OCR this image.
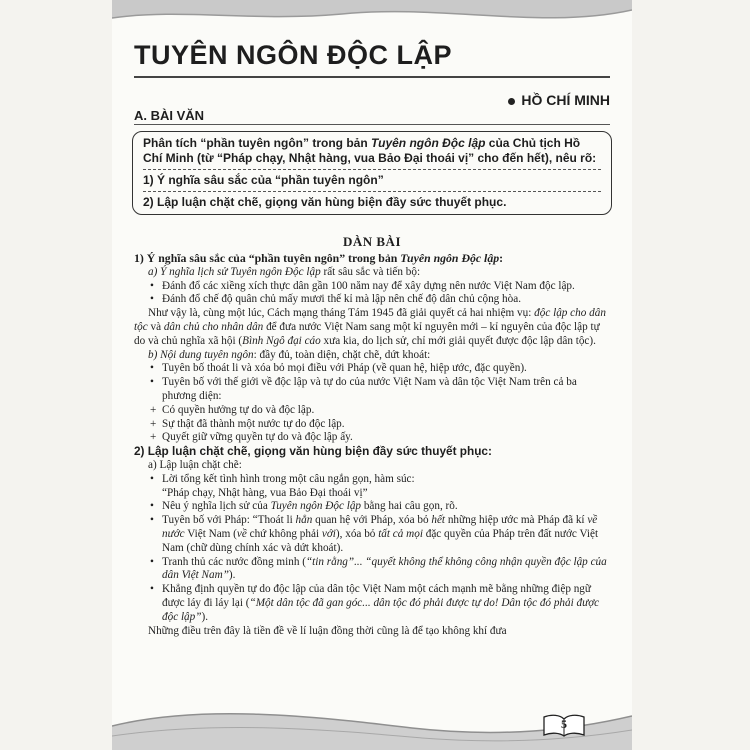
TUYÊN NGÔN ĐỘC LẬP
HỒ CHÍ MINH
A. BÀI VĂN

Phân tích “phần tuyên ngôn” trong bản Tuyên ngôn Độc lập của Chủ tịch Hồ Chí Minh (từ “Pháp chạy, Nhật hàng, vua Bảo Đại thoái vị” cho đến hết), nêu rõ:

1) Ý nghĩa sâu sắc của “phần tuyên ngôn”

2) Lập luận chặt chẽ, giọng văn hùng biện đầy sức thuyết phục.

DÀN BÀI

1) Ý nghĩa sâu sắc của “phần tuyên ngôn” trong bản Tuyên ngôn Độc lập:

a) Ý nghĩa lịch sử Tuyên ngôn Độc lập rất sâu sắc và tiến bộ:

• Đánh đổ các xiềng xích thực dân gần 100 năm nay để xây dựng nên nước Việt Nam độc lập.

• Đánh đổ chế độ quân chủ mấy mươi thế kỉ mà lập nên chế độ dân chủ cộng hòa.

Như vậy là, cùng một lúc, Cách mạng tháng Tám 1945 đã giải quyết cả hai nhiệm vụ: độc lập cho dân tộc và dân chủ cho nhân dân để đưa nước Việt Nam sang một kỉ nguyên mới – kỉ nguyên của độc lập tự do và chủ nghĩa xã hội (Bình Ngô đại cáo xưa kia, do lịch sử, chỉ mới giải quyết được độc lập dân tộc).

b) Nội dung tuyên ngôn: đầy đủ, toàn diện, chặt chẽ, dứt khoát:

• Tuyên bố thoát li và xóa bỏ mọi điều với Pháp (về quan hệ, hiệp ước, đặc quyền).

• Tuyên bố với thế giới về độc lập và tự do của nước Việt Nam và dân tộc Việt Nam trên cả ba phương diện:

+ Có quyền hưởng tự do và độc lập.

+ Sự thật đã thành một nước tự do độc lập.

+ Quyết giữ vững quyền tự do và độc lập ấy.

2) Lập luận chặt chẽ, giọng văn hùng biện đầy sức thuyết phục:

a) Lập luận chặt chẽ:

• Lời tổng kết tình hình trong một câu ngắn gọn, hàm súc:

“Pháp chạy, Nhật hàng, vua Bảo Đại thoái vị”

• Nêu ý nghĩa lịch sử của Tuyên ngôn Độc lập bằng hai câu gọn, rõ.

• Tuyên bố với Pháp: “Thoát li hẳn quan hệ với Pháp, xóa bỏ hết những hiệp ước mà Pháp đã kí về nước Việt Nam (về chứ không phải với), xóa bỏ tất cả mọi đặc quyền của Pháp trên đất nước Việt Nam (chữ dùng chính xác và dứt khoát).

• Tranh thủ các nước đồng minh (“tin rằng”... “quyết không thể không công nhận quyền độc lập của dân Việt Nam”).

• Khẳng định quyền tự do độc lập của dân tộc Việt Nam một cách mạnh mẽ bằng những điệp ngữ được láy đi láy lại (“Một dân tộc đã gan góc... dân tộc đó phải được tự do! Dân tộc đó phải được độc lập”).

Những điều trên đây là tiền đề về lí luận đồng thời cũng là để tạo không khí đưa

5
